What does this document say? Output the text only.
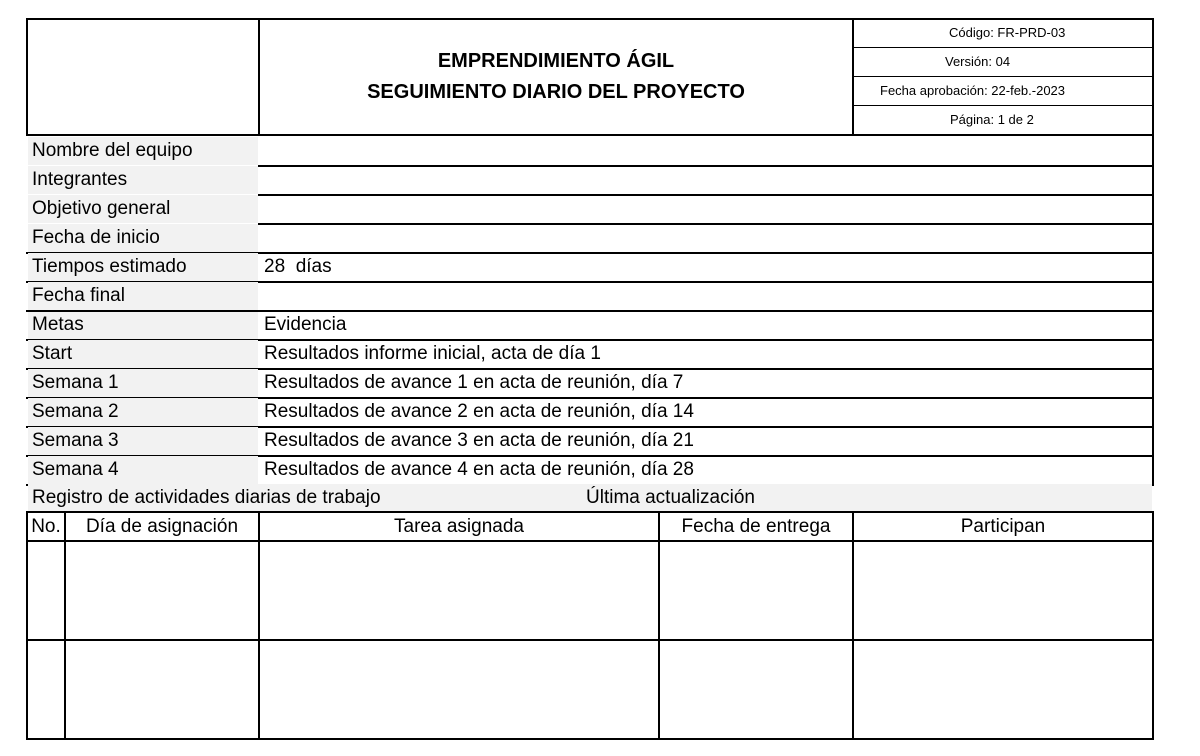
EMPRENDIMIENTO ÁGIL
SEGUIMIENTO DIARIO DEL PROYECTO
Código: FR-PRD-03
Versión: 04
Fecha aprobación: 22-feb.-2023
Página: 1 de 2
Nombre del equipo
Integrantes
Objetivo general
Fecha de inicio
Tiempos estimado	28  días
Fecha final
Metas	Evidencia
Start	Resultados informe inicial, acta de día 1
Semana 1	Resultados de avance 1 en acta de reunión, día 7
Semana 2	Resultados de avance 2 en acta de reunión, día 14
Semana 3	Resultados de avance 3 en acta de reunión, día 21
Semana 4	Resultados de avance 4 en acta de reunión, día 28
Registro de actividades diarias de trabajo	Última actualización
No.	Día de asignación	Tarea asignada	Fecha de entrega	Participan
